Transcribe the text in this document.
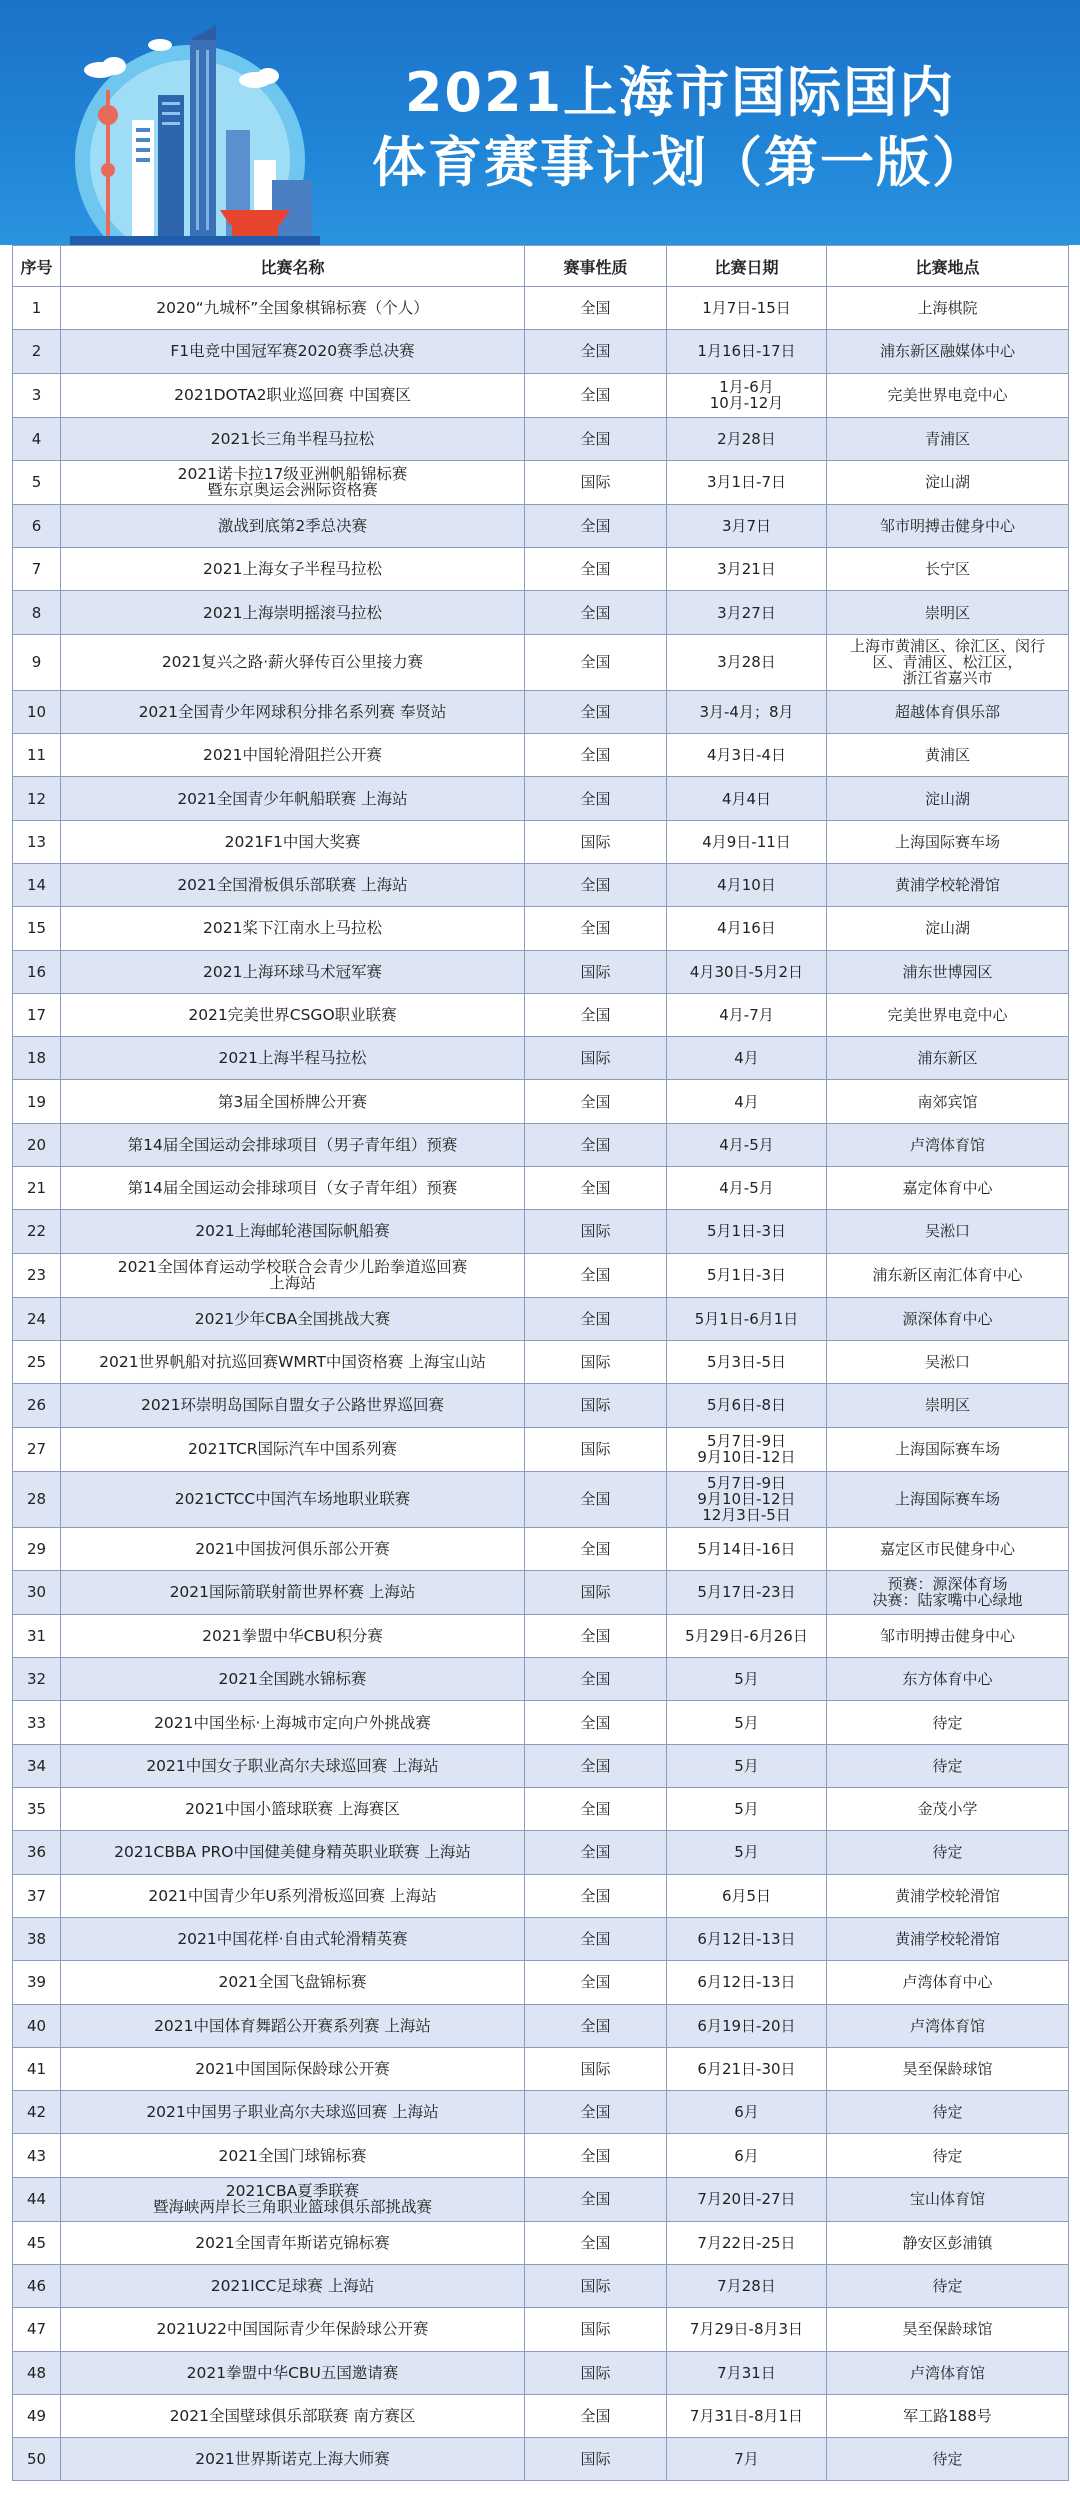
2021上海市国际国内
体育赛事计划（第一版）
序号	比赛名称	赛事性质	比赛日期	比赛地点
1	2020“九城杯”全国象棋锦标赛（个人）	全国	1月7日-15日	上海棋院

2	F1电竞中国冠军赛2020赛季总决赛	全国	1月16日-17日	浦东新区融媒体中心

3	2021DOTA2职业巡回赛 中国赛区	全国	1月-6月
10月-12月	完美世界电竞中心

4	2021长三角半程马拉松	全国	2月28日	青浦区

5	2021诺卡拉17级亚洲帆船锦标赛
暨东京奥运会洲际资格赛	国际	3月1日-7日	淀山湖

6	激战到底第2季总决赛	全国	3月7日	邹市明搏击健身中心

7	2021上海女子半程马拉松	全国	3月21日	长宁区

8	2021上海崇明摇滚马拉松	全国	3月27日	崇明区

9	2021复兴之路·薪火驿传百公里接力赛	全国	3月28日	上海市黄浦区、徐汇区、闵行
区、青浦区、松江区，
浙江省嘉兴市

10	2021全国青少年网球积分排名系列赛 奉贤站	全国	3月-4月；8月	超越体育俱乐部

11	2021中国轮滑阻拦公开赛	全国	4月3日-4日	黄浦区

12	2021全国青少年帆船联赛 上海站	全国	4月4日	淀山湖

13	2021F1中国大奖赛	国际	4月9日-11日	上海国际赛车场

14	2021全国滑板俱乐部联赛 上海站	全国	4月10日	黄浦学校轮滑馆

15	2021桨下江南水上马拉松	全国	4月16日	淀山湖

16	2021上海环球马术冠军赛	国际	4月30日-5月2日	浦东世博园区

17	2021完美世界CSGO职业联赛	全国	4月-7月	完美世界电竞中心

18	2021上海半程马拉松	国际	4月	浦东新区

19	第3届全国桥牌公开赛	全国	4月	南郊宾馆

20	第14届全国运动会排球项目（男子青年组）预赛	全国	4月-5月	卢湾体育馆

21	第14届全国运动会排球项目（女子青年组）预赛	全国	4月-5月	嘉定体育中心

22	2021上海邮轮港国际帆船赛	国际	5月1日-3日	吴淞口

23	2021全国体育运动学校联合会青少儿跆拳道巡回赛
上海站	全国	5月1日-3日	浦东新区南汇体育中心

24	2021少年CBA全国挑战大赛	全国	5月1日-6月1日	源深体育中心

25	2021世界帆船对抗巡回赛WMRT中国资格赛 上海宝山站	国际	5月3日-5日	吴淞口

26	2021环崇明岛国际自盟女子公路世界巡回赛	国际	5月6日-8日	崇明区

27	2021TCR国际汽车中国系列赛	国际	5月7日-9日
9月10日-12日	上海国际赛车场

28	2021CTCC中国汽车场地职业联赛	全国	5月7日-9日
9月10日-12日
12月3日-5日	上海国际赛车场

29	2021中国拔河俱乐部公开赛	全国	5月14日-16日	嘉定区市民健身中心

30	2021国际箭联射箭世界杯赛 上海站	国际	5月17日-23日	预赛：源深体育场
决赛：陆家嘴中心绿地

31	2021拳盟中华CBU积分赛	全国	5月29日-6月26日	邹市明搏击健身中心

32	2021全国跳水锦标赛	全国	5月	东方体育中心

33	2021中国坐标·上海城市定向户外挑战赛	全国	5月	待定

34	2021中国女子职业高尔夫球巡回赛 上海站	全国	5月	待定

35	2021中国小篮球联赛 上海赛区	全国	5月	金茂小学

36	2021CBBA PRO中国健美健身精英职业联赛 上海站	全国	5月	待定

37	2021中国青少年U系列滑板巡回赛 上海站	全国	6月5日	黄浦学校轮滑馆

38	2021中国花样·自由式轮滑精英赛	全国	6月12日-13日	黄浦学校轮滑馆

39	2021全国飞盘锦标赛	全国	6月12日-13日	卢湾体育中心

40	2021中国体育舞蹈公开赛系列赛 上海站	全国	6月19日-20日	卢湾体育馆

41	2021中国国际保龄球公开赛	国际	6月21日-30日	昊至保龄球馆

42	2021中国男子职业高尔夫球巡回赛 上海站	全国	6月	待定

43	2021全国门球锦标赛	全国	6月	待定

44	2021CBA夏季联赛
暨海峡两岸长三角职业篮球俱乐部挑战赛	全国	7月20日-27日	宝山体育馆

45	2021全国青年斯诺克锦标赛	全国	7月22日-25日	静安区彭浦镇

46	2021ICC足球赛 上海站	国际	7月28日	待定

47	2021U22中国国际青少年保龄球公开赛	国际	7月29日-8月3日	昊至保龄球馆

48	2021拳盟中华CBU五国邀请赛	国际	7月31日	卢湾体育馆

49	2021全国壁球俱乐部联赛 南方赛区	全国	7月31日-8月1日	军工路188号

50	2021世界斯诺克上海大师赛	国际	7月	待定
